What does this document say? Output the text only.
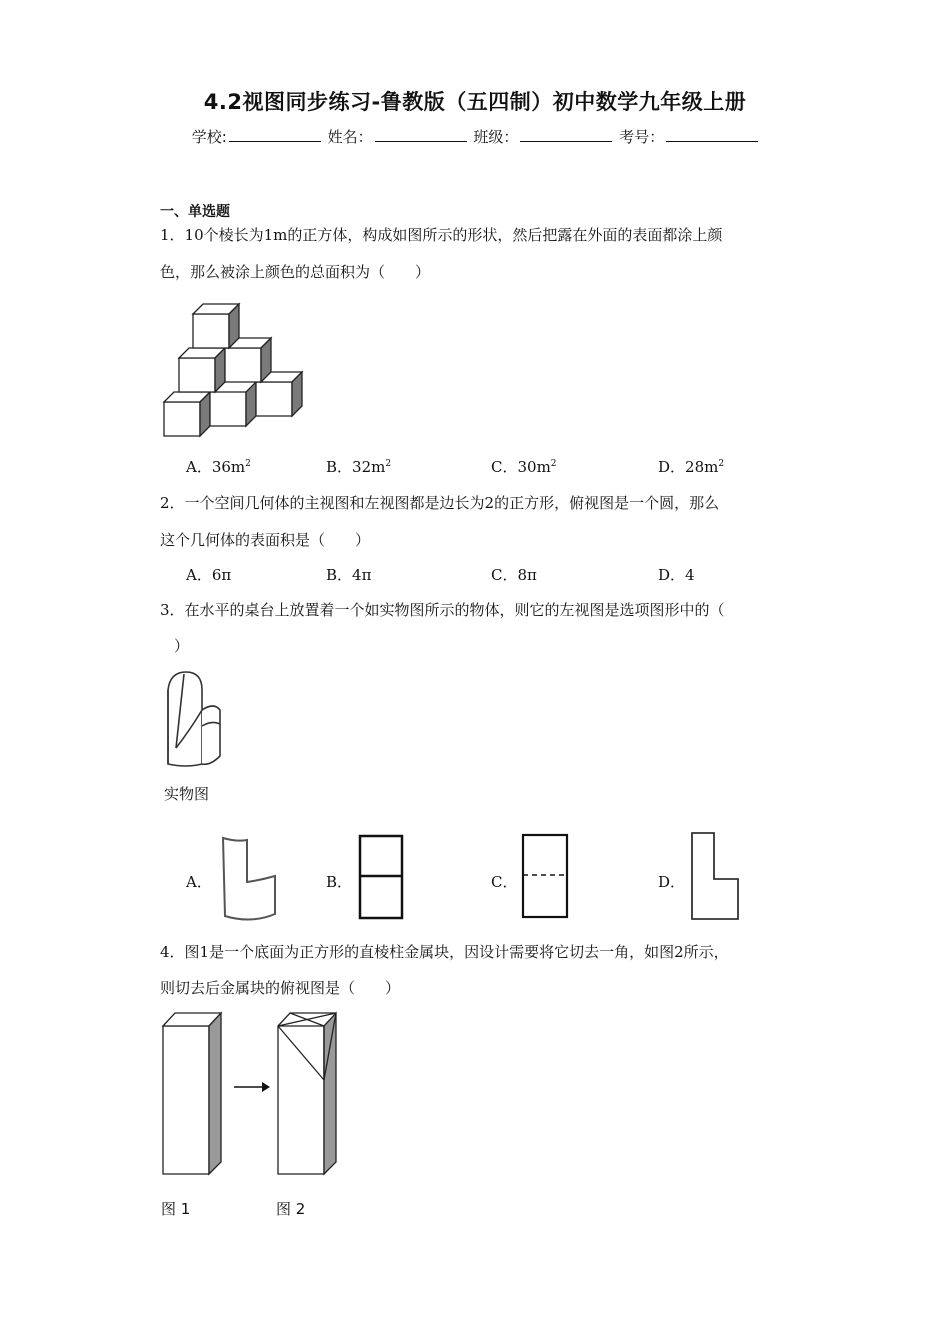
4.2视图同步练习-鲁教版（五四制）初中数学九年级上册
学校:	姓名：	班级：	考号：
一、单选题
1．10个棱长为1m的正方体，构成如图所示的形状，然后把露在外面的表面都涂上颜
色，那么被涂上颜色的总面积为（　　）
A．$36m^2$	B．$32m^2$	C．$30m^2$	D．$28m^2$
2．一个空间几何体的主视图和左视图都是边长为2的正方形，俯视图是一个圆，那么
这个几何体的表面积是（　　）
A．6π	B．4π	C．8π	D．4
3．在水平的桌台上放置着一个如实物图所示的物体，则它的左视图是选项图形中的（
）
实物图
A．	B．	C．	D．
4．图1是一个底面为正方形的直棱柱金属块，因设计需要将它切去一角，如图2所示，
则切去后金属块的俯视图是（　　）
图 1	图 2
